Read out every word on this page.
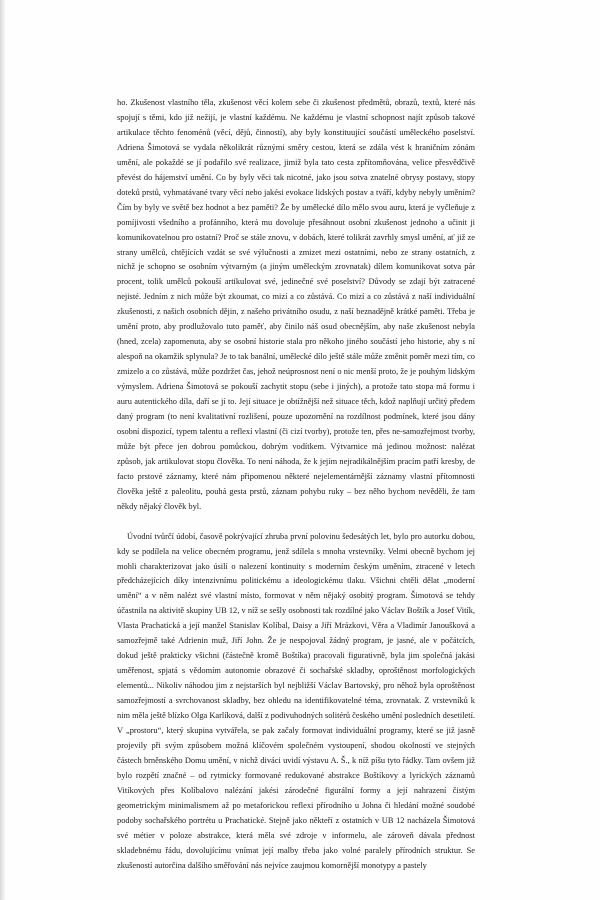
ho. Zkušenost vlastního těla, zkušenost věcí kolem sebe či zkušenost předmětů, obrazů, textů, které nás spojují s těmi, kdo již nežijí, je vlastní každému. Ne každému je vlastní schopnost najít způsob takové artikulace těchto fenoménů (věcí, dějů, činností), aby byly konstituující součástí uměleckého poselství. Adriena Šimotová se vydala několikrát různými směry cestou, která se zdála vést k hraničním zónám umění, ale pokaždé se jí podařilo své realizace, jimiž byla tato cesta zpřítomňována, velice přesvědčivě převést do hájemství umění. Co by byly věci tak nicotné, jako jsou sotva znatelné obrysy postavy, stopy doteků prstů, vyhmatávané tvary věcí nebo jakési evokace lidských postav a tváří, kdyby nebyly uměním? Čím by byly ve světě bez hodnot a bez paměti? Že by umělecké dílo mělo svou auru, která je vyčleňuje z pomíjivosti všedního a profánního, která mu dovoluje přesáhnout osobní zkušenost jednoho a učinit ji komunikovatelnou pro ostatní? Proč se stále znovu, v dobách, které tolikrát zavrhly smysl umění, ať již ze strany umělců, chtějících vzdát se své výlučnosti a zmizet mezi ostatními, nebo ze strany ostatních, z nichž je schopno se osobním výtvarným (a jiným uměleckým zrovnatak) dílem komunikovat sotva pár procent, tolik umělců pokouší artikulovat své, jedinečné své poselství? Důvody se zdají být zatracené nejisté. Jedním z nich může být zkoumat, co mizí a co zůstává. Co mizí a co zůstává z naší individuální zkušenosti, z našich osobních dějin, z našeho privátního osudu, z naší beznadějně krátké paměti. Třeba je umění proto, aby prodlužovalo tuto paměť, aby činilo náš osud obecnějším, aby naše zkušenost nebyla (hned, zcela) zapomenuta, aby se osobní historie stala pro někoho jiného součástí jeho historie, aby s ní alespoň na okamžik splynula? Je to tak banální, umělecké dílo ještě stále může změnit poměr mezi tím, co zmizelo a co zůstává, může pozdržet čas, jehož neúprosnost není o nic menší proto, že je pouhým lidským výmyslem. Adriena Šimotová se pokouší zachytit stopu (sebe i jiných), a protože tato stopa má formu i auru autentického díla, daří se jí to. Její situace je obtížnější než situace těch, kdož naplňují určitý předem daný program (to není kvalitativní rozlišení, pouze upozornění na rozdílnost podmínek, které jsou dány osobní dispozicí, typem talentu a reflexí vlastní (či cizí tvorby), protože ten, přes ne-samozřejmost tvorby, může být přece jen dobrou pomůckou, dobrým vodítkem. Výtvarnice má jedinou možnost: nalézat způsob, jak artikulovat stopu člověka. To není náhoda, že k jejím nejradikálnějším pracím patří kresby, de facto prstové záznamy, které nám připomenou některé nejelementárnější záznamy vlastní přítomnosti člověka ještě z paleolitu, pouhá gesta prstů, záznam pohybu ruky – bez něho bychom nevěděli, že tam někdy nějaký člověk byl.

Úvodní tvůrčí údobí, časově pokrývající zhruba první polovinu šedesátých let, bylo pro autorku dobou, kdy se podílela na velice obecném programu, jenž sdílela s mnoha vrstevníky. Velmi obecně bychom jej mohli charakterizovat jako úsilí o nalezení kontinuity s moderním českým uměním, ztracené v letech předcházejících díky intenzivnímu politickému a ideologickému tlaku. Všichni chtěli dělat „moderní umění“ a v něm nalézt své vlastní místo, formovat v něm nějaký osobitý program. Šimotová se tehdy účastnila na aktivitě skupiny UB 12, v níž se sešly osobnosti tak rozdílné jako Václav Boštík a Josef Vitík, Vlasta Prachatická a její manžel Stanislav Kolíbal, Daisy a Jiří Mrázkovi, Věra a Vladimír Janoušková a samozřejmě také Adrienin muž, Jiří John. Že je nespojoval žádný program, je jasné, ale v počátcích, dokud ještě prakticky všichni (částečně kromě Boštíka) pracovali figurativně, byla jim společná jakási uměřenost, spjatá s vědomím autonomie obrazové či sochařské skladby, oproštěnost morfologických elementů... Nikoliv náhodou jim z nejstarších byl nejbližší Václav Bartovský, pro něhož byla oproštěnost samozřejmostí a svrchovanost skladby, bez ohledu na identifikovatelné téma, zrovnatak. Z vrstevníků k nim měla ještě blízko Olga Karlíková, další z podivuhodných solitérů českého umění posledních desetiletí. V „prostoru“, který skupina vytvářela, se pak začaly formovat individuální programy, které se již jasně projevily při svým způsobem možná klíčovém společném vystoupení, shodou okolností ve stejných částech brněnského Domu umění, v nichž diváci uvidí výstavu A. Š., k níž píšu tyto řádky. Tam ovšem již bylo rozpětí značné – od rytmicky formované redukované abstrakce Boštíkovy a lyrických záznamů Vitíkových přes Kolíbalovo nalézání jakési zárodečné figurální formy a její nahrazení čistým geometrickým minimalismem až po metaforickou reflexi přírodního u Johna či hledání možné soudobé podoby sochařského portrétu u Prachatické. Stejně jako někteří z ostatních v UB 12 nacházela Šimotová své métier v poloze abstrakce, která měla své zdroje v informelu, ale zároveň dávala přednost skladebnému řádu, dovolujícímu vnímat její malby třeba jako volné paralely přírodních struktur. Se zkušeností autorčina dalšího směřování nás nejvíce zaujmou komornější monotypy a pastely
